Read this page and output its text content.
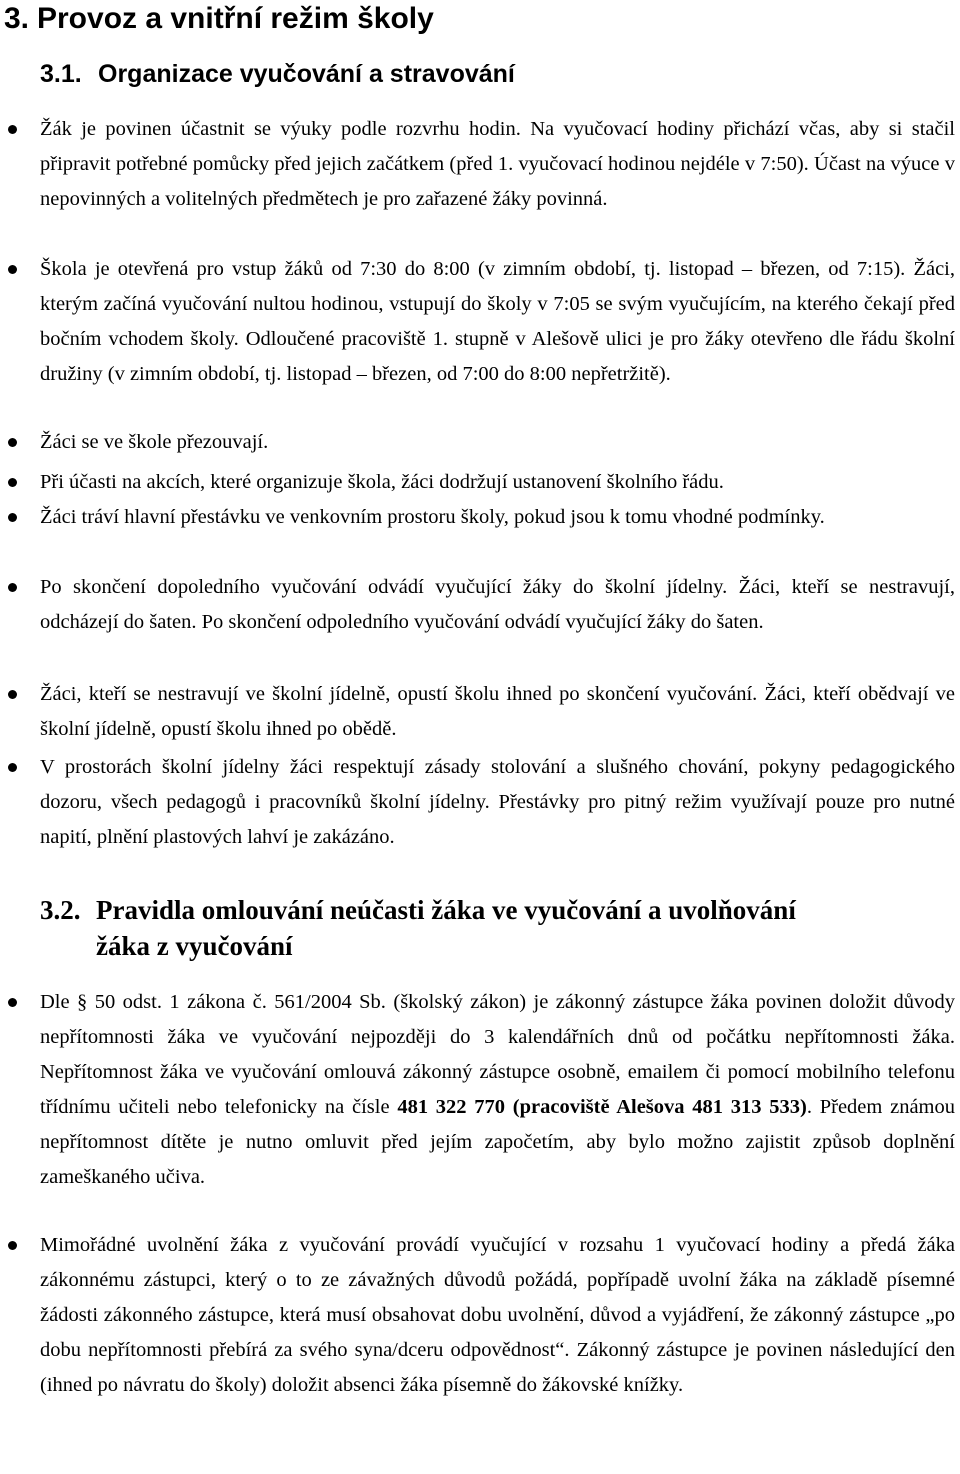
3. Provoz a vnitřní režim školy
3.1. Organizace vyučování a stravování
Žák je povinen účastnit se výuky podle rozvrhu hodin. Na vyučovací hodiny přichází včas, aby si stačil připravit potřebné pomůcky před jejich začátkem (před 1. vyučovací hodinou nejdéle v 7:50). Účast na výuce v nepovinných a volitelných předmětech je pro zařazené žáky povinná.
Škola je otevřená pro vstup žáků od 7:30 do 8:00 (v zimním období, tj. listopad – březen, od 7:15). Žáci, kterým začíná vyučování nultou hodinou, vstupují do školy v 7:05 se svým vyučujícím, na kterého čekají před bočním vchodem školy. Odloučené pracoviště 1. stupně v Alešově ulici je pro žáky otevřeno dle řádu školní družiny (v zimním období, tj. listopad – březen, od 7:00 do 8:00 nepřetržitě).
Žáci se ve škole přezouvají.
Při účasti na akcích, které organizuje škola, žáci dodržují ustanovení školního řádu.
Žáci tráví hlavní přestávku ve venkovním prostoru školy, pokud jsou k tomu vhodné podmínky.
Po skončení dopoledního vyučování odvádí vyučující žáky do školní jídelny. Žáci, kteří se nestravují, odcházejí do šaten. Po skončení odpoledního vyučování odvádí vyučující žáky do šaten.
Žáci, kteří se nestravují ve školní jídelně, opustí školu ihned po skončení vyučování. Žáci, kteří obědvají ve školní jídelně, opustí školu ihned po obědě.
V prostorách školní jídelny žáci respektují zásady stolování a slušného chování, pokyny pedagogického dozoru, všech pedagogů i pracovníků školní jídelny. Přestávky pro pitný režim využívají pouze pro nutné napití, plnění plastových lahví je zakázáno.
3.2. Pravidla omlouvání neúčasti žáka ve vyučování a uvolňování
žáka z vyučování
Dle § 50 odst. 1 zákona č. 561/2004 Sb. (školský zákon) je zákonný zástupce žáka povinen doložit důvody nepřítomnosti žáka ve vyučování nejpozději do 3 kalendářních dnů od počátku nepřítomnosti žáka. Nepřítomnost žáka ve vyučování omlouvá zákonný zástupce osobně, emailem či pomocí mobilního telefonu třídnímu učiteli nebo telefonicky na čísle 481 322 770 (pracoviště Alešova 481 313 533). Předem známou nepřítomnost dítěte je nutno omluvit před jejím započetím, aby bylo možno zajistit způsob doplnění zameškaného učiva.
Mimořádné uvolnění žáka z vyučování provádí vyučující v rozsahu 1 vyučovací hodiny a předá žáka zákonnému zástupci, který o to ze závažných důvodů požádá, popřípadě uvolní žáka na základě písemné žádosti zákonného zástupce, která musí obsahovat dobu uvolnění, důvod a vyjádření, že zákonný zástupce „po dobu nepřítomnosti přebírá za svého syna/dceru odpovědnost“. Zákonný zástupce je povinen následující den (ihned po návratu do školy) doložit absenci žáka písemně do žákovské knížky.
